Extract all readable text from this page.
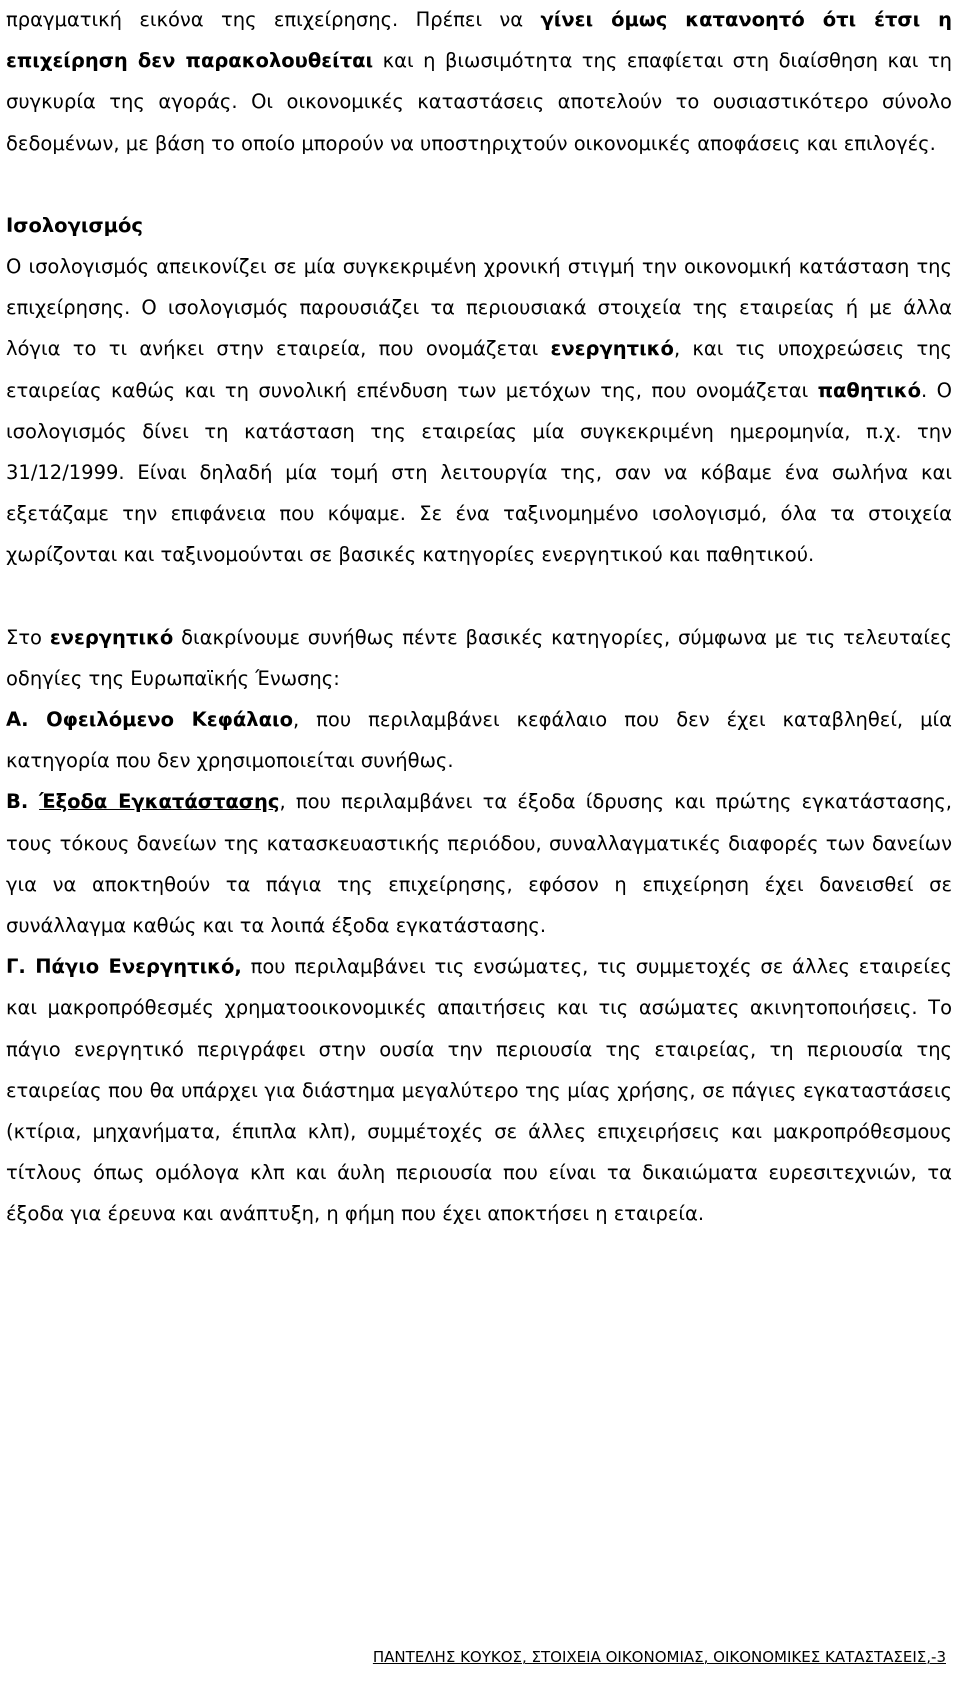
πραγματική εικόνα της επιχείρησης. Πρέπει να γίνει όμως κατανοητό ότι έτσι η επιχείρηση δεν παρακολουθείται και η βιωσιμότητα της επαφίεται στη διαίσθηση και τη συγκυρία της αγοράς. Οι οικονομικές καταστάσεις αποτελούν το ουσιαστικότερο σύνολο δεδομένων, με βάση το οποίο μπορούν να υποστηριχτούν οικονομικές αποφάσεις και επιλογές.

Ισολογισμός

Ο ισολογισμός απεικονίζει σε μία συγκεκριμένη χρονική στιγμή την οικονομική κατάσταση της επιχείρησης. Ο ισολογισμός παρουσιάζει τα περιουσιακά στοιχεία της εταιρείας ή με άλλα λόγια το τι ανήκει στην εταιρεία, που ονομάζεται ενεργητικό, και τις υποχρεώσεις της εταιρείας καθώς και τη συνολική επένδυση των μετόχων της, που ονομάζεται παθητικό. Ο ισολογισμός δίνει τη κατάσταση της εταιρείας μία συγκεκριμένη ημερομηνία, π.χ. την 31/12/1999. Είναι δηλαδή μία τομή στη λειτουργία της, σαν να κόβαμε ένα σωλήνα και εξετάζαμε την επιφάνεια που κόψαμε. Σε ένα ταξινομημένο ισολογισμό, όλα τα στοιχεία χωρίζονται και ταξινομούνται σε βασικές κατηγορίες ενεργητικού και παθητικού.

Στο ενεργητικό διακρίνουμε συνήθως πέντε βασικές κατηγορίες, σύμφωνα με τις τελευταίες οδηγίες της Ευρωπαϊκής Ένωσης:

Α. Οφειλόμενο Κεφάλαιο, που περιλαμβάνει κεφάλαιο που δεν έχει καταβληθεί, μία κατηγορία που δεν χρησιμοποιείται συνήθως.

Β. Έξοδα Εγκατάστασης, που περιλαμβάνει τα έξοδα ίδρυσης και πρώτης εγκατάστασης, τους τόκους δανείων της κατασκευαστικής περιόδου, συναλλαγματικές διαφορές των δανείων για να αποκτηθούν τα πάγια της επιχείρησης, εφόσον η επιχείρηση έχει δανεισθεί σε συνάλλαγμα καθώς και τα λοιπά έξοδα εγκατάστασης.

Γ. Πάγιο Ενεργητικό, που περιλαμβάνει τις ενσώματες, τις συμμετοχές σε άλλες εταιρείες και μακροπρόθεσμές χρηματοοικονομικές απαιτήσεις και τις ασώματες ακινητοποιήσεις. Το πάγιο ενεργητικό περιγράφει στην ουσία την περιουσία της εταιρείας, τη περιουσία της εταιρείας που θα υπάρχει για διάστημα μεγαλύτερο της μίας χρήσης, σε πάγιες εγκαταστάσεις (κτίρια, μηχανήματα, έπιπλα κλπ), συμμέτοχές σε άλλες επιχειρήσεις και μακροπρόθεσμους τίτλους όπως ομόλογα κλπ και άυλη περιουσία που είναι τα δικαιώματα ευρεσιτεχνιών, τα έξοδα για έρευνα και ανάπτυξη, η φήμη που έχει αποκτήσει η εταιρεία.

ΠΑΝΤΕΛΗΣ ΚΟΥΚΟΣ, ΣΤΟΙΧΕΙΑ ΟΙΚΟΝΟΜΙΑΣ, ΟΙΚΟΝΟΜΙΚΕΣ ΚΑΤΑΣΤΑΣΕΙΣ,-3
